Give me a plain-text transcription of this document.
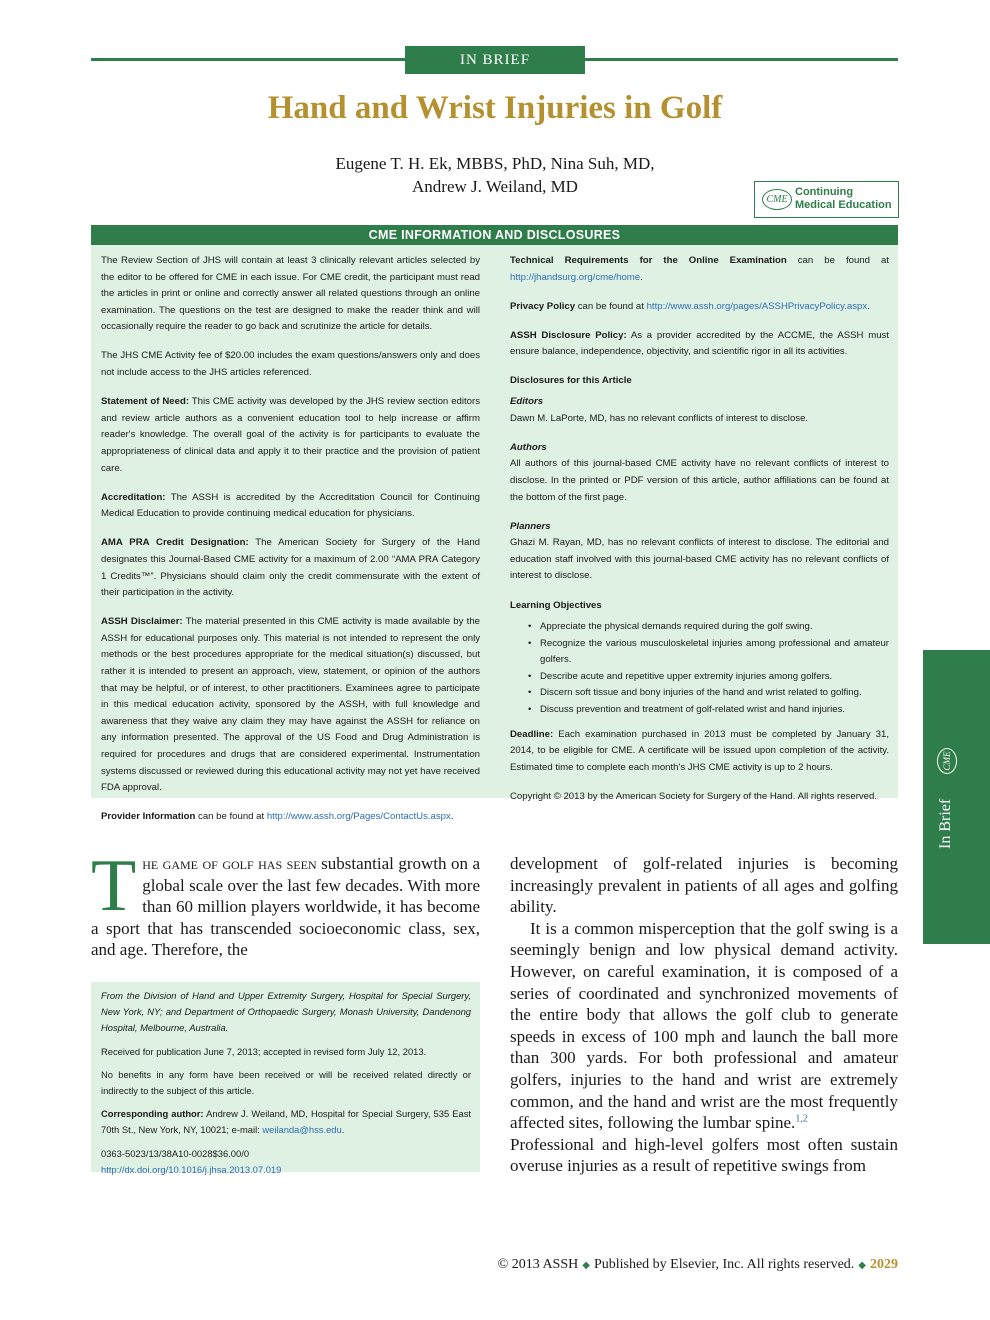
IN BRIEF
Hand and Wrist Injuries in Golf
Eugene T. H. Ek, MBBS, PhD, Nina Suh, MD,
Andrew J. Weiland, MD
CME
Continuing Medical Education
CME INFORMATION AND DISCLOSURES

The Review Section of JHS will contain at least 3 clinically relevant articles selected by the editor to be offered for CME in each issue. For CME credit, the participant must read the articles in print or online and correctly answer all related questions through an online examination. The questions on the test are designed to make the reader think and will occasionally require the reader to go back and scrutinize the article for details.

The JHS CME Activity fee of $20.00 includes the exam questions/answers only and does not include access to the JHS articles referenced.

Statement of Need: This CME activity was developed by the JHS review section editors and review article authors as a convenient education tool to help increase or affirm reader's knowledge. The overall goal of the activity is for participants to evaluate the appropriateness of clinical data and apply it to their practice and the provision of patient care.

Accreditation: The ASSH is accredited by the Accreditation Council for Continuing Medical Education to provide continuing medical education for physicians.

AMA PRA Credit Designation: The American Society for Surgery of the Hand designates this Journal-Based CME activity for a maximum of 2.00 “AMA PRA Category 1 Credits™”. Physicians should claim only the credit commensurate with the extent of their participation in the activity.

ASSH Disclaimer: The material presented in this CME activity is made available by the ASSH for educational purposes only. This material is not intended to represent the only methods or the best procedures appropriate for the medical situation(s) discussed, but rather it is intended to present an approach, view, statement, or opinion of the authors that may be helpful, or of interest, to other practitioners. Examinees agree to participate in this medical education activity, sponsored by the ASSH, with full knowledge and awareness that they waive any claim they may have against the ASSH for reliance on any information presented. The approval of the US Food and Drug Administration is required for procedures and drugs that are considered experimental. Instrumentation systems discussed or reviewed during this educational activity may not yet have received FDA approval.

Provider Information can be found at http://www.assh.org/Pages/ContactUs.aspx.

Technical Requirements for the Online Examination can be found at http://jhandsurg.org/cme/home.

Privacy Policy can be found at http://www.assh.org/pages/ASSHPrivacyPolicy.aspx.

ASSH Disclosure Policy: As a provider accredited by the ACCME, the ASSH must ensure balance, independence, objectivity, and scientific rigor in all its activities.

Disclosures for this Article
Editors

Dawn M. LaPorte, MD, has no relevant conflicts of interest to disclose.

Authors

All authors of this journal-based CME activity have no relevant conflicts of interest to disclose. In the printed or PDF version of this article, author affiliations can be found at the bottom of the first page.

Planners

Ghazi M. Rayan, MD, has no relevant conflicts of interest to disclose. The editorial and education staff involved with this journal-based CME activity has no relevant conflicts of interest to disclose.

Learning Objectives
• Appreciate the physical demands required during the golf swing.
• Recognize the various musculoskeletal injuries among professional and amateur golfers.
• Describe acute and repetitive upper extremity injuries among golfers.
• Discern soft tissue and bony injuries of the hand and wrist related to golfing.
• Discuss prevention and treatment of golf-related wrist and hand injuries.

Deadline: Each examination purchased in 2013 must be completed by January 31, 2014, to be eligible for CME. A certificate will be issued upon completion of the activity. Estimated time to complete each month's JHS CME activity is up to 2 hours.

Copyright © 2013 by the American Society for Surgery of the Hand. All rights reserved.

The game of golf has seen substantial growth on a global scale over the last few decades. With more than 60 million players worldwide, it has become a sport that has transcended socioeconomic class, sex, and age. Therefore, the

development of golf-related injuries is becoming increasingly prevalent in patients of all ages and golfing ability.

It is a common misperception that the golf swing is a seemingly benign and low physical demand activity. However, on careful examination, it is composed of a series of coordinated and synchronized movements of the entire body that allows the golf club to generate speeds in excess of 100 mph and launch the ball more than 300 yards. For both professional and amateur golfers, injuries to the hand and wrist are extremely common, and the hand and wrist are the most frequently affected sites, following the lumbar spine.$^{1,2}$

Professional and high-level golfers most often sustain overuse injuries as a result of repetitive swings from

From the Division of Hand and Upper Extremity Surgery, Hospital for Special Surgery, New York, NY; and Department of Orthopaedic Surgery, Monash University, Dandenong Hospital, Melbourne, Australia.

Received for publication June 7, 2013; accepted in revised form July 12, 2013.

No benefits in any form have been received or will be received related directly or indirectly to the subject of this article.

Corresponding author: Andrew J. Weiland, MD, Hospital for Special Surgery, 535 East 70th St., New York, NY, 10021; e-mail: weilanda@hss.edu.

0363-5023/13/38A10-0028$36.00/0
http://dx.doi.org/10.1016/j.jhsa.2013.07.019
In Brief
CME
© 2013 ASSH ◆ Published by Elsevier, Inc. All rights reserved. ◆ 2029
